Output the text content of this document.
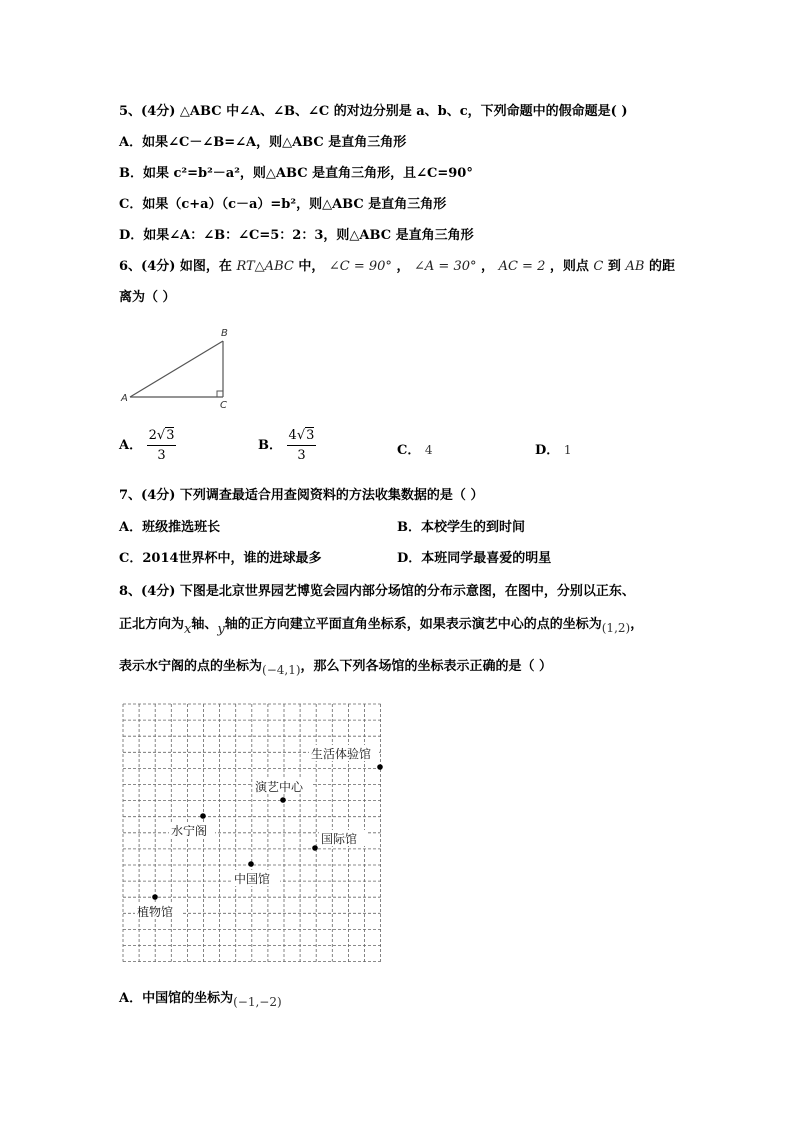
5、(4分) △ABC 中∠A、∠B、∠C 的对边分别是 a、b、c，下列命题中的假命题是( )
A．如果∠C－∠B=∠A，则△ABC 是直角三角形
B．如果 c²=b²－a²，则△ABC 是直角三角形，且∠C=90°
C．如果（c+a）（c－a）=b²，则△ABC 是直角三角形
D．如果∠A：∠B：∠C=5：2：3，则△ABC 是直角三角形
6、(4分) 如图，在 RT△ABC 中， ∠C = 90° ， ∠A = 30° ， AC = 2 ，则点 C 到 AB 的距
离为（ ）
B
A
C
A． $\frac{2√3}{3}$	B． $\frac{4√3}{3}$	C． 4	D． 1
7、(4分) 下列调查最适合用查阅资料的方法收集数据的是（ ）
A．班级推选班长	B．本校学生的到时间
C．2014世界杯中，谁的进球最多	D．本班同学最喜爱的明星
8、(4分) 下图是北京世界园艺博览会园内部分场馆的分布示意图，在图中，分别以正东、
正北方向为x轴、y轴的正方向建立平面直角坐标系，如果表示演艺中心的点的坐标为(1,2)，
表示水宁阁的点的坐标为(−4,1)，那么下列各场馆的坐标表示正确的是（ ）
生活体验馆
演艺中心
水宁阁
国际馆
中国馆
植物馆
A．中国馆的坐标为(−1,−2)
